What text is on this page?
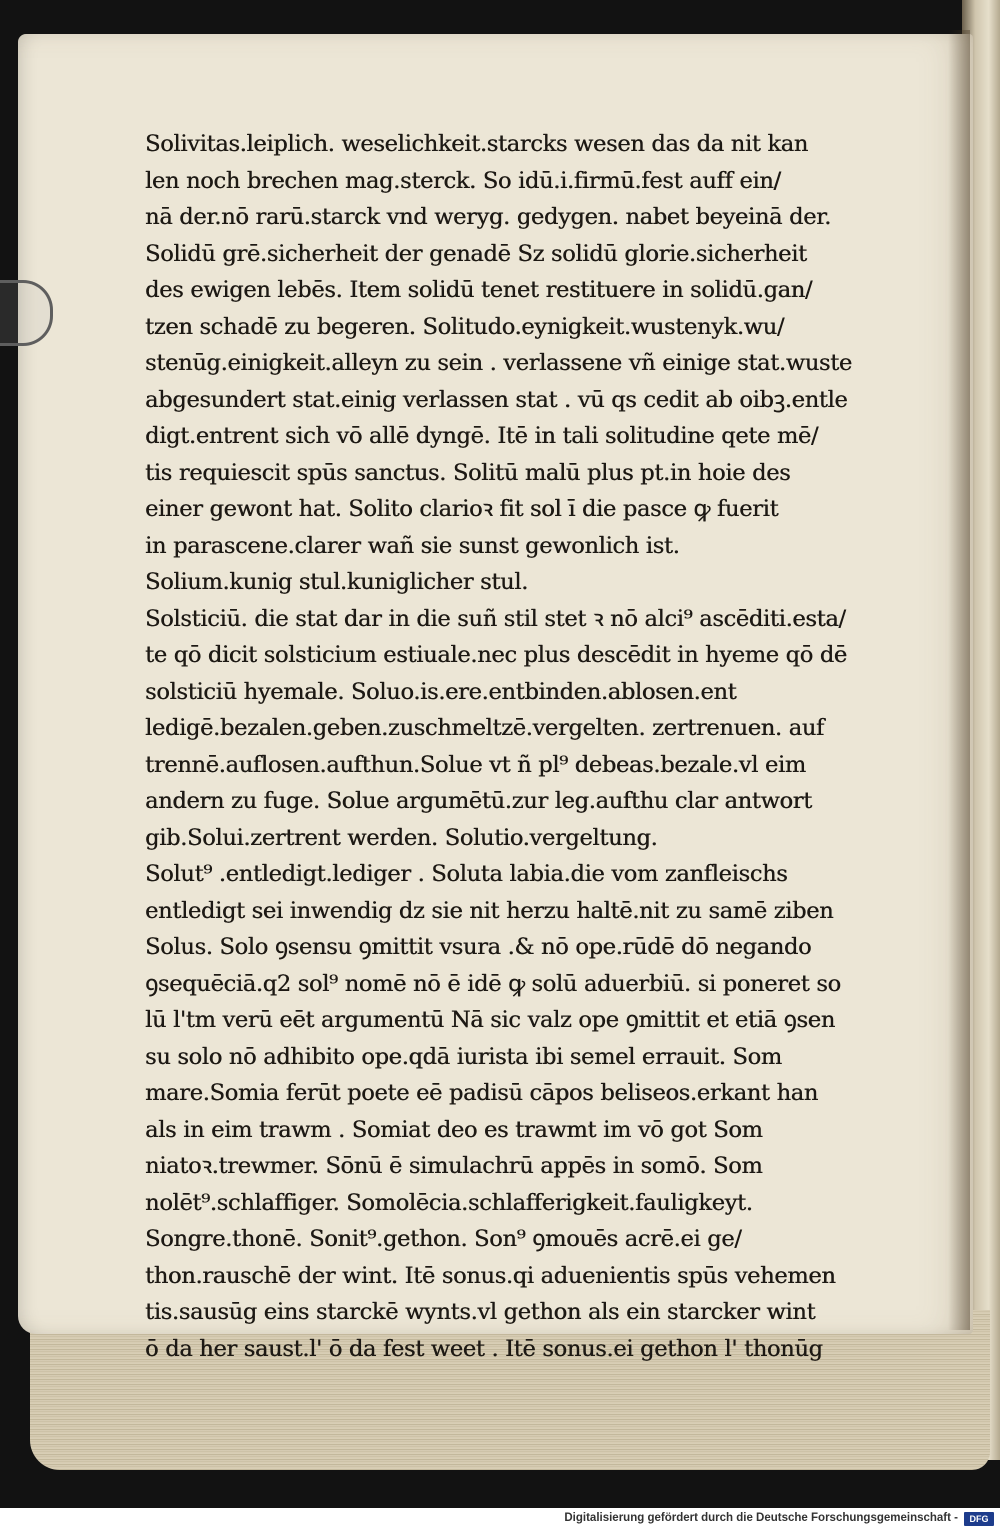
Solivitas.leiplich. weselichkeit.starcks wesen das da nit kan
len noch brechen mag.sterck. So idū.i.firmū.fest auff ein/
nā der.nō rarū.starck vnd weryg. gedygen. nabet beyeinā der.
Solidū grē.sicherheit der genadē Sz solidū glorie.sicherheit
des ewigen lebēs. Item solidū tenet restituere in solidū.gan/
tzen schadē zu begeren. Solitudo.eynigkeit.wustenyk.wu/
stenūg.einigkeit.alleyn zu sein . verlassene vñ einige stat.wuste
abgesundert stat.einig verlassen stat . vū qs cedit ab oibꝫ.entle
digt.entrent sich vō allē dyngē. Itē in tali solitudine qete mē/
tis requiescit spūs sanctus. Solitū malū plus pt.in hoie des
einer gewont hat. Solito clarioꝛ fit sol ī die pasce ꝙ fuerit
in parascene.clarer wañ sie sunst gewonlich ist.
Solium.kunig stul.kuniglicher stul.
Solsticiū. die stat dar in die suñ stil stet ꝛ nō alci⁹ ascēditi.esta/
te qō dicit solsticium estiuale.nec plus descēdit in hyeme qō dē
solsticiū hyemale. Soluo.is.ere.entbinden.ablosen.ent
ledigē.bezalen.geben.zuschmeltzē.vergelten. zertrenuen. auf
trennē.auflosen.aufthun.Solue vt ñ pl⁹ debeas.bezale.vl eim
andern zu fuge. Solue argumētū.zur leg.aufthu clar antwort
gib.Solui.zertrent werden. Solutio.vergeltung.
Solut⁹ .entledigt.lediger . Soluta labia.die vom zanfleischs
entledigt sei inwendig dz sie nit herzu haltē.nit zu samē ziben
Solus. Solo ꝯsensu ꝯmittit vsura .& nō ope.rūdē dō negando
ꝯsequēciā.q2 sol⁹ nomē nō ē idē ꝙ solū aduerbiū. si poneret so
lū l'tm verū eēt argumentū Nā sic valz ope ꝯmittit et etiā ꝯsen
su solo nō adhibito ope.qdā iurista ibi semel errauit. Som
mare.Somia ferūt poete eē padisū cāpos beliseos.erkant han
als in eim trawm . Somiat deo es trawmt im vō got Som
niatoꝛ.trewmer. Sōnū ē simulachrū appēs in somō. Som
nolēt⁹.schlaffiger. Somolēcia.schlafferigkeit.fauligkeyt.
Songre.thonē. Sonit⁹.gethon. Son⁹ ꝯmouēs acrē.ei ge/
thon.rauschē der wint. Itē sonus.qi aduenientis spūs vehemen
tis.sausūg eins starckē wynts.vl gethon als ein starcker wint
ō da her saust.l' ō da fest weet . Itē sonus.ei gethon l' thonūg
Digitalisierung gefördert durch die Deutsche Forschungsgemeinschaft -	DFG
